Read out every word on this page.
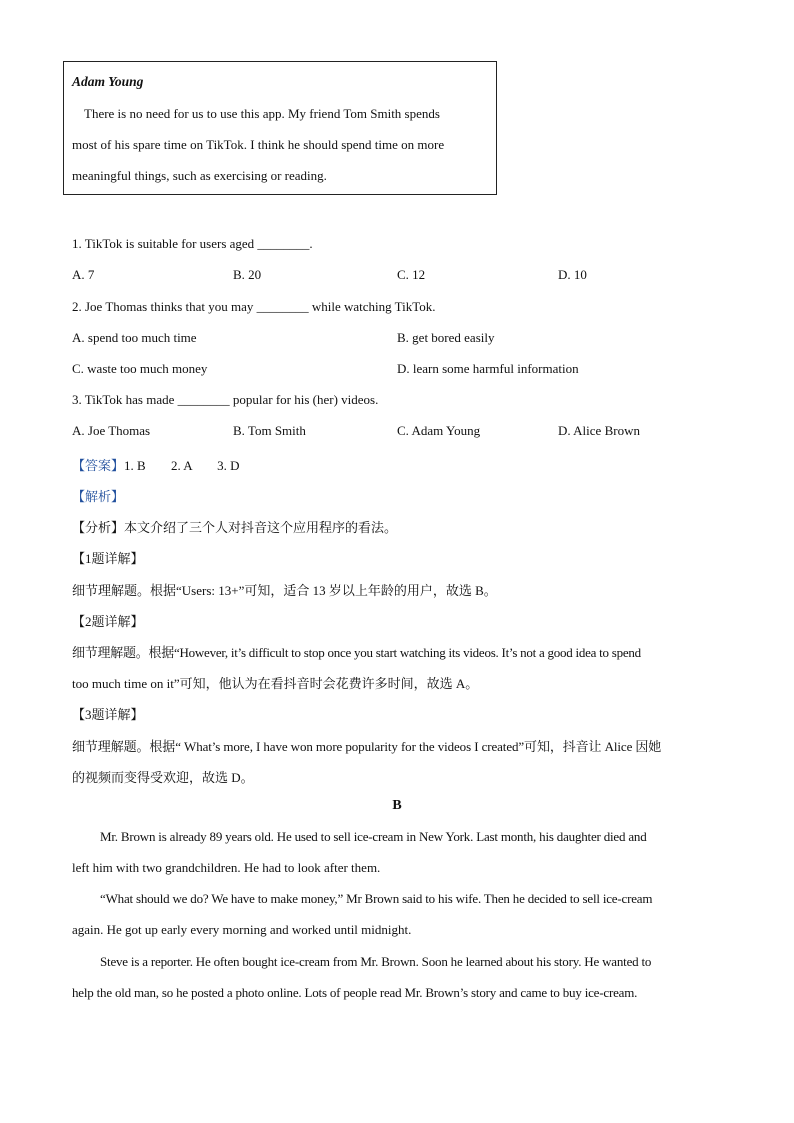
Adam Young
There is no need for us to use this app. My friend Tom Smith spends
most of his spare time on TikTok. I think he should spend time on more
meaningful things, such as exercising or reading.
1. TikTok is suitable for users aged ________.
A. 7	B. 20	C. 12	D. 10
2. Joe Thomas thinks that you may ________ while watching TikTok.
A. spend too much time	B. get bored easily
C. waste too much money	D. learn some harmful information
3. TikTok has made ________ popular for his (her) videos.
A. Joe Thomas	B. Tom Smith	C. Adam Young	D. Alice Brown
【答案】1. B 2. A 3. D
【解析】
【分析】本文介绍了三个人对抖音这个应用程序的看法。
【1题详解】
细节理解题。根据“Users: 13+”可知，适合 13 岁以上年龄的用户，故选 B。
【2题详解】
细节理解题。根据“However, it’s difficult to stop once you start watching its videos. It’s not a good idea to spend
too much time on it”可知，他认为在看抖音时会花费许多时间，故选 A。
【3题详解】
细节理解题。根据“ What’s more, I have won more popularity for the videos I created”可知，抖音让 Alice 因她
的视频而变得受欢迎，故选 D。
B
Mr. Brown is already 89 years old. He used to sell ice-cream in New York. Last month, his daughter died and
left him with two grandchildren. He had to look after them.
“What should we do? We have to make money,” Mr Brown said to his wife. Then he decided to sell ice-cream
again. He got up early every morning and worked until midnight.
Steve is a reporter. He often bought ice-cream from Mr. Brown. Soon he learned about his story. He wanted to
help the old man, so he posted a photo online. Lots of people read Mr. Brown’s story and came to buy ice-cream.
